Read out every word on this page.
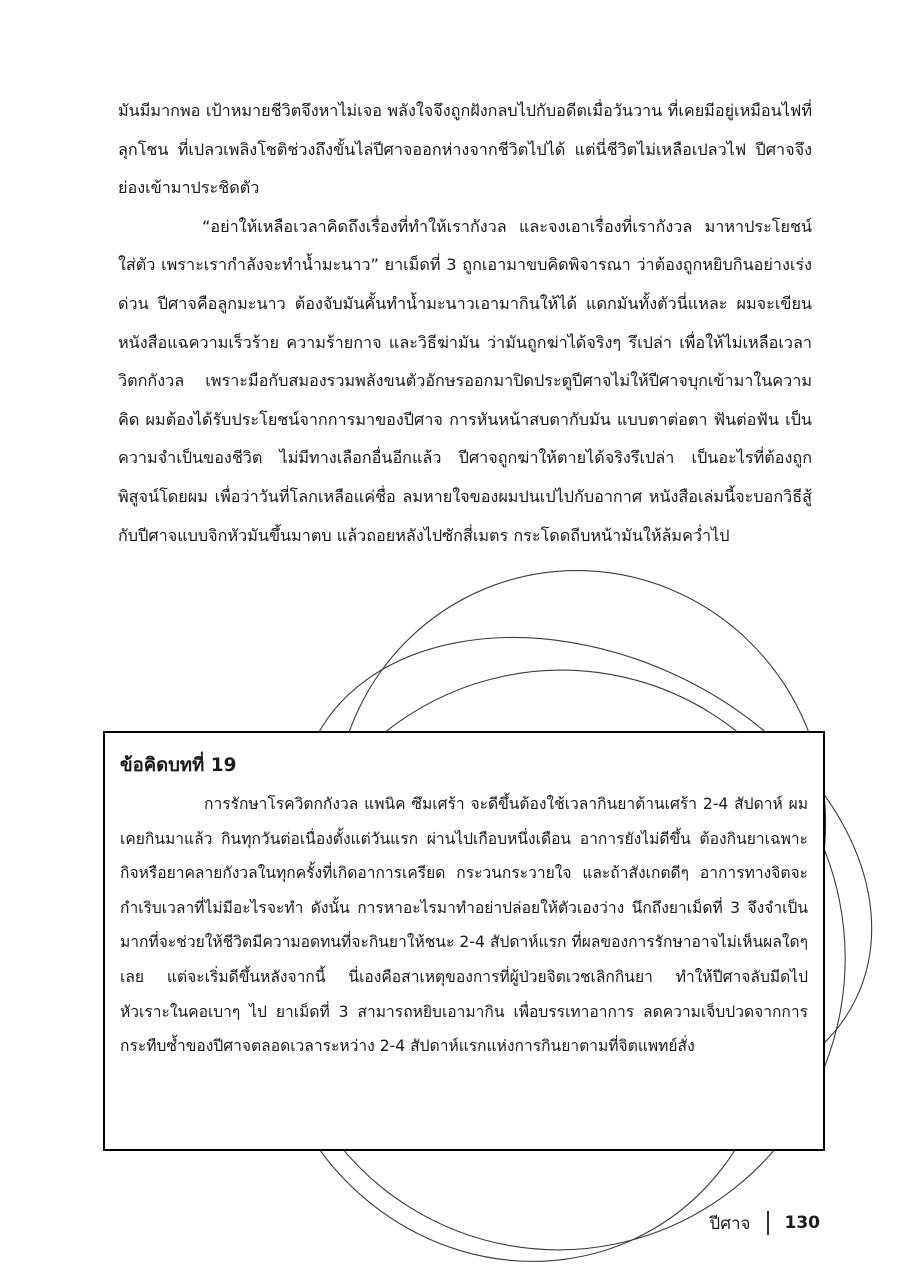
มันมีมากพอ เป้าหมายชีวิตจึงหาไม่เจอ พลังใจจึงถูกฝังกลบไปกับอดีตเมื่อวันวาน ที่เคยมีอยู่เหมือนไฟที่ลุกโชน ที่เปลวเพลิงโชติช่วงถึงขั้นไล่ปีศาจออกห่างจากชีวิตไปได้ แต่นี่ชีวิตไม่เหลือเปลวไฟ ปีศาจจึงย่องเข้ามาประชิดตัว

“อย่าให้เหลือเวลาคิดถึงเรื่องที่ทำให้เรากังวล และจงเอาเรื่องที่เรากังวล มาหาประโยชน์ใส่ตัว เพราะเรากำลังจะทำน้ำมะนาว” ยาเม็ดที่ 3 ถูกเอามาขบคิดพิจารณา ว่าต้องถูกหยิบกินอย่างเร่งด่วน ปีศาจคือลูกมะนาว ต้องจับมันคั้นทำน้ำมะนาวเอามากินให้ได้ แดกมันทั้งตัวนี่แหละ ผมจะเขียนหนังสือแฉความเร็วร้าย ความร้ายกาจ และวิธีฆ่ามัน ว่ามันถูกฆ่าได้จริงๆ รึเปล่า เพื่อให้ไม่เหลือเวลาวิตกกังวล เพราะมือกับสมองรวมพลังขนตัวอักษรออกมาปิดประตูปีศาจไม่ให้ปีศาจบุกเข้ามาในความคิด ผมต้องได้รับประโยชน์จากการมาของปีศาจ การหันหน้าสบตากับมัน แบบตาต่อตา ฟันต่อฟัน เป็นความจำเป็นของชีวิต ไม่มีทางเลือกอื่นอีกแล้ว ปีศาจถูกฆ่าให้ตายได้จริงรึเปล่า เป็นอะไรที่ต้องถูกพิสูจน์โดยผม เพื่อว่าวันที่โลกเหลือแค่ชื่อ ลมหายใจของผมปนเปไปกับอากาศ หนังสือเล่มนี้จะบอกวิธีสู้กับปีศาจแบบจิกหัวมันขึ้นมาตบ แล้วถอยหลังไปซักสี่เมตร กระโดดถีบหน้ามันให้ล้มคว่ำไป

ข้อคิดบทที่ 19

การรักษาโรควิตกกังวล แพนิค ซึมเศร้า จะดีขึ้นต้องใช้เวลากินยาต้านเศร้า 2-4 สัปดาห์ ผมเคยกินมาแล้ว กินทุกวันต่อเนื่องตั้งแต่วันแรก ผ่านไปเกือบหนึ่งเดือน อาการยังไม่ดีขึ้น ต้องกินยาเฉพาะกิจหรือยาคลายกังวลในทุกครั้งที่เกิดอาการเครียด กระวนกระวายใจ และถ้าสังเกตดีๆ อาการทางจิตจะกำเริบเวลาที่ไม่มีอะไรจะทำ ดังนั้น การหาอะไรมาทำอย่าปล่อยให้ตัวเองว่าง นึกถึงยาเม็ดที่ 3 จึงจำเป็นมากที่จะช่วยให้ชีวิตมีความอดทนที่จะกินยาให้ชนะ 2-4 สัปดาห์แรก ที่ผลของการรักษาอาจไม่เห็นผลใดๆ เลย แต่จะเริ่มดีขึ้นหลังจากนี้ นี่เองคือสาเหตุของการที่ผู้ป่วยจิตเวชเลิกกินยา ทำให้ปีศาจลับมีดไป หัวเราะในคอเบาๆ ไป ยาเม็ดที่ 3 สามารถหยิบเอามากิน เพื่อบรรเทาอาการ ลดความเจ็บปวดจากการกระทืบซ้ำของปีศาจตลอดเวลาระหว่าง 2-4 สัปดาห์แรกแห่งการกินยาตามที่จิตแพทย์สั่ง

ปีศาจ 130
